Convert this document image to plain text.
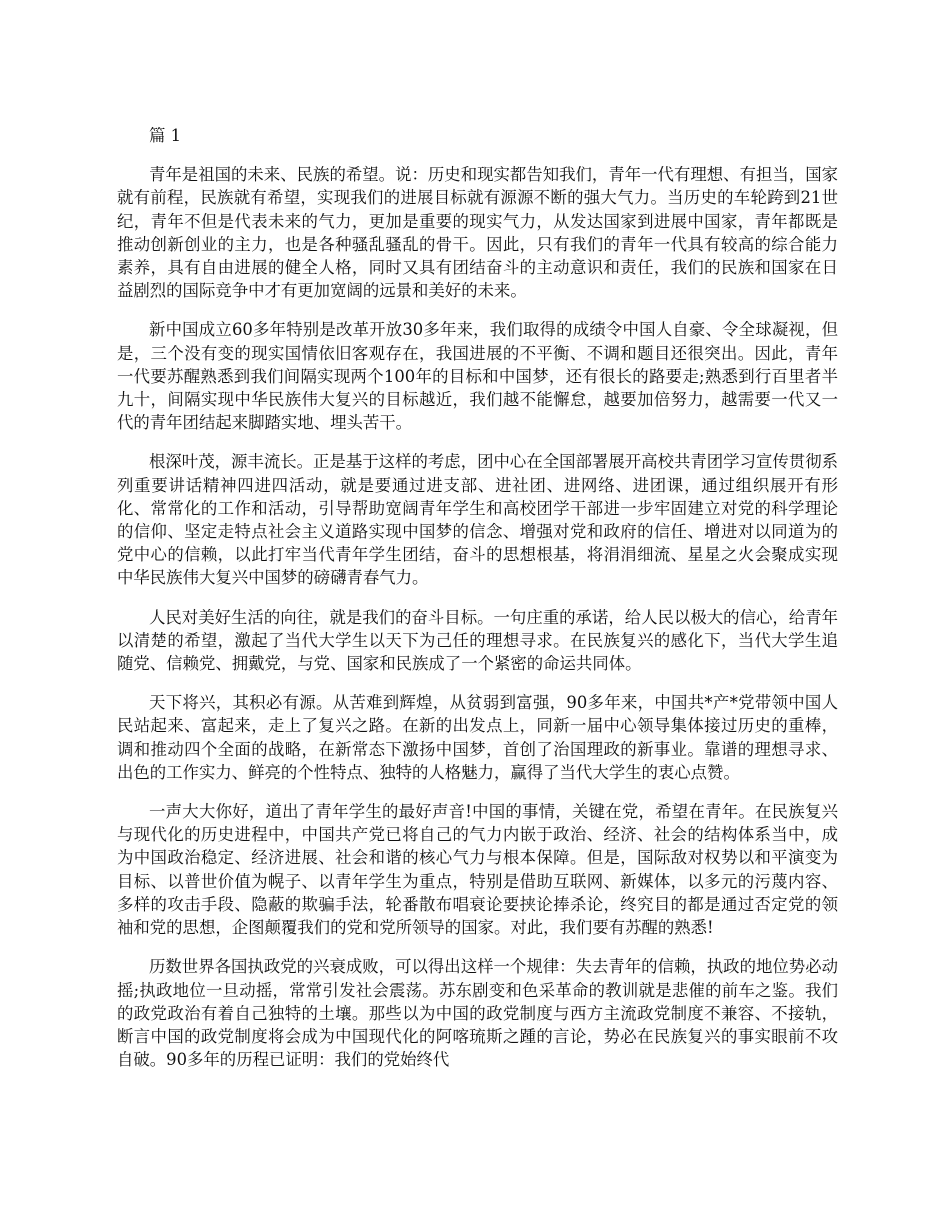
篇 1

青年是祖国的未来、民族的希望。说：历史和现实都告知我们，青年一代有理想、有担当，国家就有前程，民族就有希望，实现我们的进展目标就有源源不断的强大气力。当历史的车轮跨到21世纪，青年不但是代表未来的气力，更加是重要的现实气力，从发达国家到进展中国家，青年都既是推动创新创业的主力，也是各种骚乱骚乱的骨干。因此，只有我们的青年一代具有较高的综合能力素养，具有自由进展的健全人格，同时又具有团结奋斗的主动意识和责任，我们的民族和国家在日益剧烈的国际竞争中才有更加宽阔的远景和美好的未来。

新中国成立60多年特别是改革开放30多年来，我们取得的成绩令中国人自豪、令全球凝视，但是，三个没有变的现实国情依旧客观存在，我国进展的不平衡、不调和题目还很突出。因此，青年一代要苏醒熟悉到我们间隔实现两个100年的目标和中国梦，还有很长的路要走;熟悉到行百里者半九十，间隔实现中华民族伟大复兴的目标越近，我们越不能懈怠，越要加倍努力，越需要一代又一代的青年团结起来脚踏实地、埋头苦干。

根深叶茂，源丰流长。正是基于这样的考虑，团中心在全国部署展开高校共青团学习宣传贯彻系列重要讲话精神四进四活动，就是要通过进支部、进社团、进网络、进团课，通过组织展开有形化、常常化的工作和活动，引导帮助宽阔青年学生和高校团学干部进一步牢固建立对党的科学理论的信仰、坚定走特点社会主义道路实现中国梦的信念、增强对党和政府的信任、增进对以同道为的党中心的信赖，以此打牢当代青年学生团结，奋斗的思想根基，将涓涓细流、星星之火会聚成实现中华民族伟大复兴中国梦的磅礴青春气力。

人民对美好生活的向往，就是我们的奋斗目标。一句庄重的承诺，给人民以极大的信心，给青年以清楚的希望，激起了当代大学生以天下为己任的理想寻求。在民族复兴的感化下，当代大学生追随党、信赖党、拥戴党，与党、国家和民族成了一个紧密的命运共同体。

天下将兴，其积必有源。从苦难到辉煌，从贫弱到富强，90多年来，中国共*产*党带领中国人民站起来、富起来，走上了复兴之路。在新的出发点上，同新一届中心领导集体接过历史的重棒，调和推动四个全面的战略，在新常态下激扬中国梦，首创了治国理政的新事业。靠谱的理想寻求、出色的工作实力、鲜亮的个性特点、独特的人格魅力，赢得了当代大学生的衷心点赞。

一声大大你好，道出了青年学生的最好声音!中国的事情，关键在党，希望在青年。在民族复兴与现代化的历史进程中，中国共产党已将自己的气力内嵌于政治、经济、社会的结构体系当中，成为中国政治稳定、经济进展、社会和谐的核心气力与根本保障。但是，国际敌对权势以和平演变为目标、以普世价值为幌子、以青年学生为重点，特别是借助互联网、新媒体，以多元的污蔑内容、多样的攻击手段、隐蔽的欺骗手法，轮番散布唱衰论要挟论捧杀论，终究目的都是通过否定党的领袖和党的思想，企图颠覆我们的党和党所领导的国家。对此，我们要有苏醒的熟悉!

历数世界各国执政党的兴衰成败，可以得出这样一个规律：失去青年的信赖，执政的地位势必动摇;执政地位一旦动摇，常常引发社会震荡。苏东剧变和色采革命的教训就是悲催的前车之鉴。我们的政党政治有着自己独特的土壤。那些以为中国的政党制度与西方主流政党制度不兼容、不接轨，断言中国的政党制度将会成为中国现代化的阿喀琉斯之踵的言论，势必在民族复兴的事实眼前不攻自破。90多年的历程已证明：我们的党始终代
